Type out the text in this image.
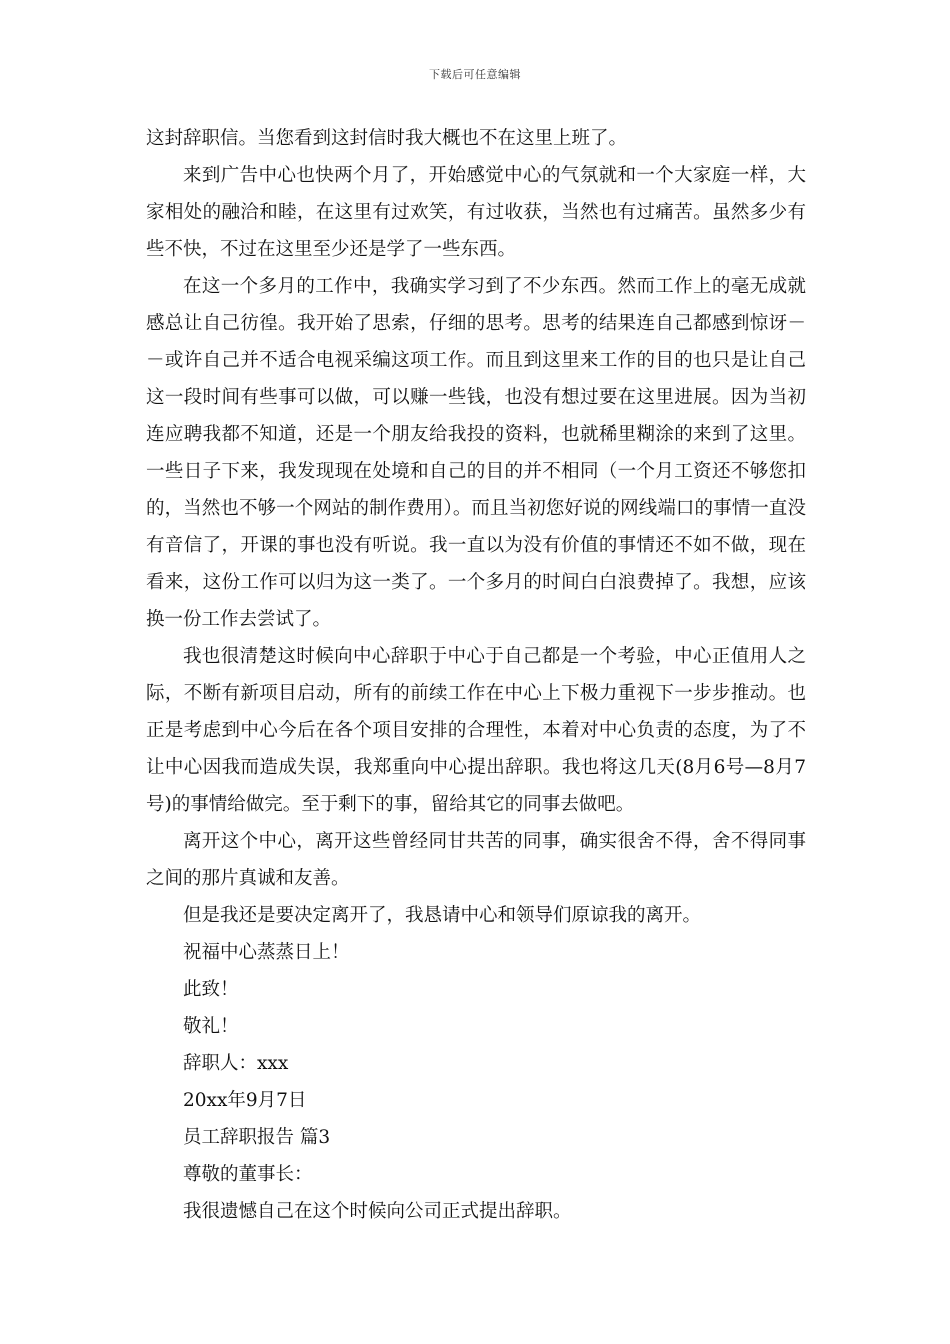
下载后可任意编辑

这封辞职信。当您看到这封信时我大概也不在这里上班了。

来到广告中心也快两个月了，开始感觉中心的气氛就和一个大家庭一样，大家相处的融洽和睦，在这里有过欢笑，有过收获，当然也有过痛苦。虽然多少有些不快，不过在这里至少还是学了一些东西。

在这一个多月的工作中，我确实学习到了不少东西。然而工作上的毫无成就感总让自己彷徨。我开始了思索，仔细的思考。思考的结果连自己都感到惊讶－－或许自己并不适合电视采编这项工作。而且到这里来工作的目的也只是让自己这一段时间有些事可以做，可以赚一些钱，也没有想过要在这里进展。因为当初连应聘我都不知道，还是一个朋友给我投的资料，也就稀里糊涂的来到了这里。一些日子下来，我发现现在处境和自己的目的并不相同（一个月工资还不够您扣的，当然也不够一个网站的制作费用）。而且当初您好说的网线端口的事情一直没有音信了，开课的事也没有听说。我一直以为没有价值的事情还不如不做，现在看来，这份工作可以归为这一类了。一个多月的时间白白浪费掉了。我想，应该换一份工作去尝试了。

我也很清楚这时候向中心辞职于中心于自己都是一个考验，中心正值用人之际，不断有新项目启动，所有的前续工作在中心上下极力重视下一步步推动。也正是考虑到中心今后在各个项目安排的合理性，本着对中心负责的态度，为了不让中心因我而造成失误，我郑重向中心提出辞职。我也将这几天(8月6号—8月7号)的事情给做完。至于剩下的事，留给其它的同事去做吧。

离开这个中心，离开这些曾经同甘共苦的同事，确实很舍不得，舍不得同事之间的那片真诚和友善。

但是我还是要决定离开了，我恳请中心和领导们原谅我的离开。

祝福中心蒸蒸日上！

此致！

敬礼！

辞职人：xxx

20xx年9月7日

员工辞职报告 篇3

尊敬的董事长：

我很遗憾自己在这个时候向公司正式提出辞职。
